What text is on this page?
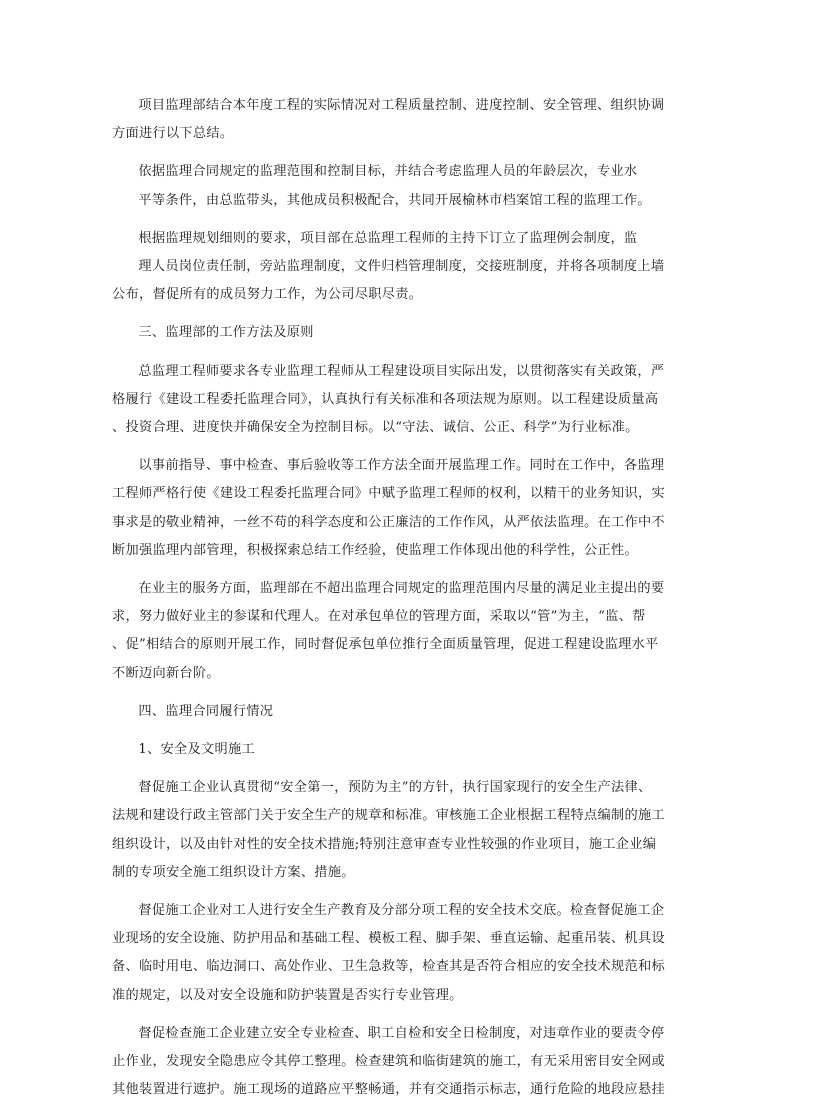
项目监理部结合本年度工程的实际情况对工程质量控制、进度控制、安全管理、组织协调
方面进行以下总结。

依据监理合同规定的监理范围和控制目标，并结合考虑监理人员的年龄层次，专业水
平等条件，由总监带头，其他成员积极配合，共同开展榆林市档案馆工程的监理工作。

根据监理规划细则的要求，项目部在总监理工程师的主持下订立了监理例会制度，监
理人员岗位责任制，旁站监理制度，文件归档管理制度，交接班制度，并将各项制度上墙
公布，督促所有的成员努力工作，为公司尽职尽责。

三、监理部的工作方法及原则

总监理工程师要求各专业监理工程师从工程建设项目实际出发，以贯彻落实有关政策，严
格履行《建设工程委托监理合同》，认真执行有关标准和各项法规为原则。以工程建设质量高
、投资合理、进度快并确保安全为控制目标。以“守法、诚信、公正、科学”为行业标准。

以事前指导、事中检查、事后验收等工作方法全面开展监理工作。同时在工作中，各监理
工程师严格行使《建设工程委托监理合同》中赋予监理工程师的权利，以精干的业务知识，实
事求是的敬业精神，一丝不苟的科学态度和公正廉洁的工作作风，从严依法监理。在工作中不
断加强监理内部管理，积极探索总结工作经验，使监理工作体现出他的科学性，公正性。

在业主的服务方面，监理部在不超出监理合同规定的监理范围内尽量的满足业主提出的要
求，努力做好业主的参谋和代理人。在对承包单位的管理方面，采取以“管”为主，“监、帮
、促”相结合的原则开展工作，同时督促承包单位推行全面质量管理，促进工程建设监理水平
不断迈向新台阶。

四、监理合同履行情况

1、安全及文明施工

督促施工企业认真贯彻“安全第一，预防为主”的方针，执行国家现行的安全生产法律、
法规和建设行政主管部门关于安全生产的规章和标准。审核施工企业根据工程特点编制的施工
组织设计，以及由针对性的安全技术措施;特别注意审查专业性较强的作业项目，施工企业编
制的专项安全施工组织设计方案、措施。

督促施工企业对工人进行安全生产教育及分部分项工程的安全技术交底。检查督促施工企
业现场的安全设施、防护用品和基础工程、模板工程、脚手架、垂直运输、起重吊装、机具设
备、临时用电、临边洞口、高处作业、卫生急救等，检查其是否符合相应的安全技术规范和标
准的规定，以及对安全设施和防护装置是否实行专业管理。

督促检查施工企业建立安全专业检查、职工自检和安全日检制度，对违章作业的要责令停
止作业，发现安全隐患应令其停工整理。检查建筑和临街建筑的施工，有无采用密目安全网或
其他装置进行遮护。施工现场的道路应平整畅通，并有交通指示标志，通行危险的地段应悬挂
